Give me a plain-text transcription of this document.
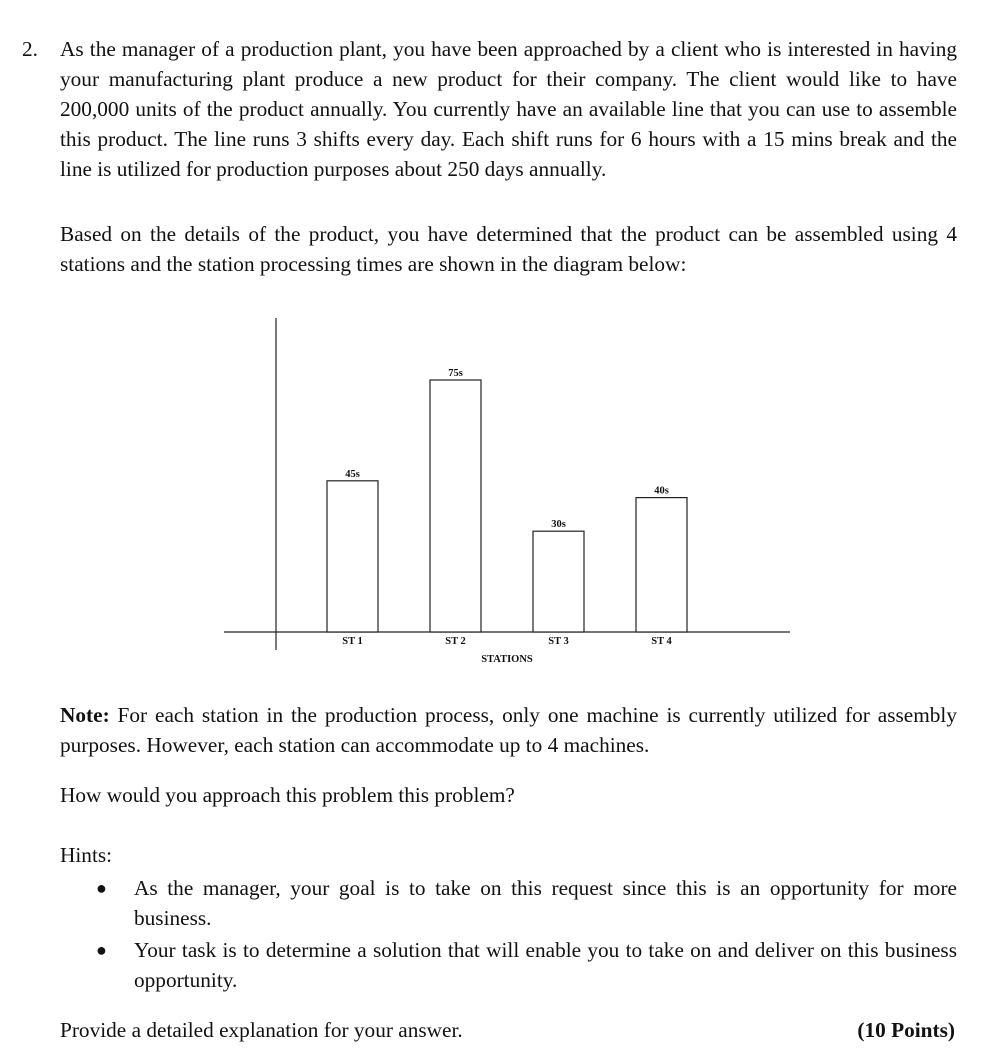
2. As the manager of a production plant, you have been approached by a client who is interested in having your manufacturing plant produce a new product for their company. The client would like to have 200,000 units of the product annually. You currently have an available line that you can use to assemble this product. The line runs 3 shifts every day. Each shift runs for 6 hours with a 15 mins break and the line is utilized for production purposes about 250 days annually.
Based on the details of the product, you have determined that the product can be assembled using 4 stations and the station processing times are shown in the diagram below:
45s
ST 1
75s
ST 2
30s
ST 3
40s
ST 4
STATIONS
Note: For each station in the production process, only one machine is currently utilized for assembly purposes. However, each station can accommodate up to 4 machines.
How would you approach this problem this problem?
Hints:
● As the manager, your goal is to take on this request since this is an opportunity for more business.
● Your task is to determine a solution that will enable you to take on and deliver on this business opportunity.
Provide a detailed explanation for your answer.	(10 Points)
